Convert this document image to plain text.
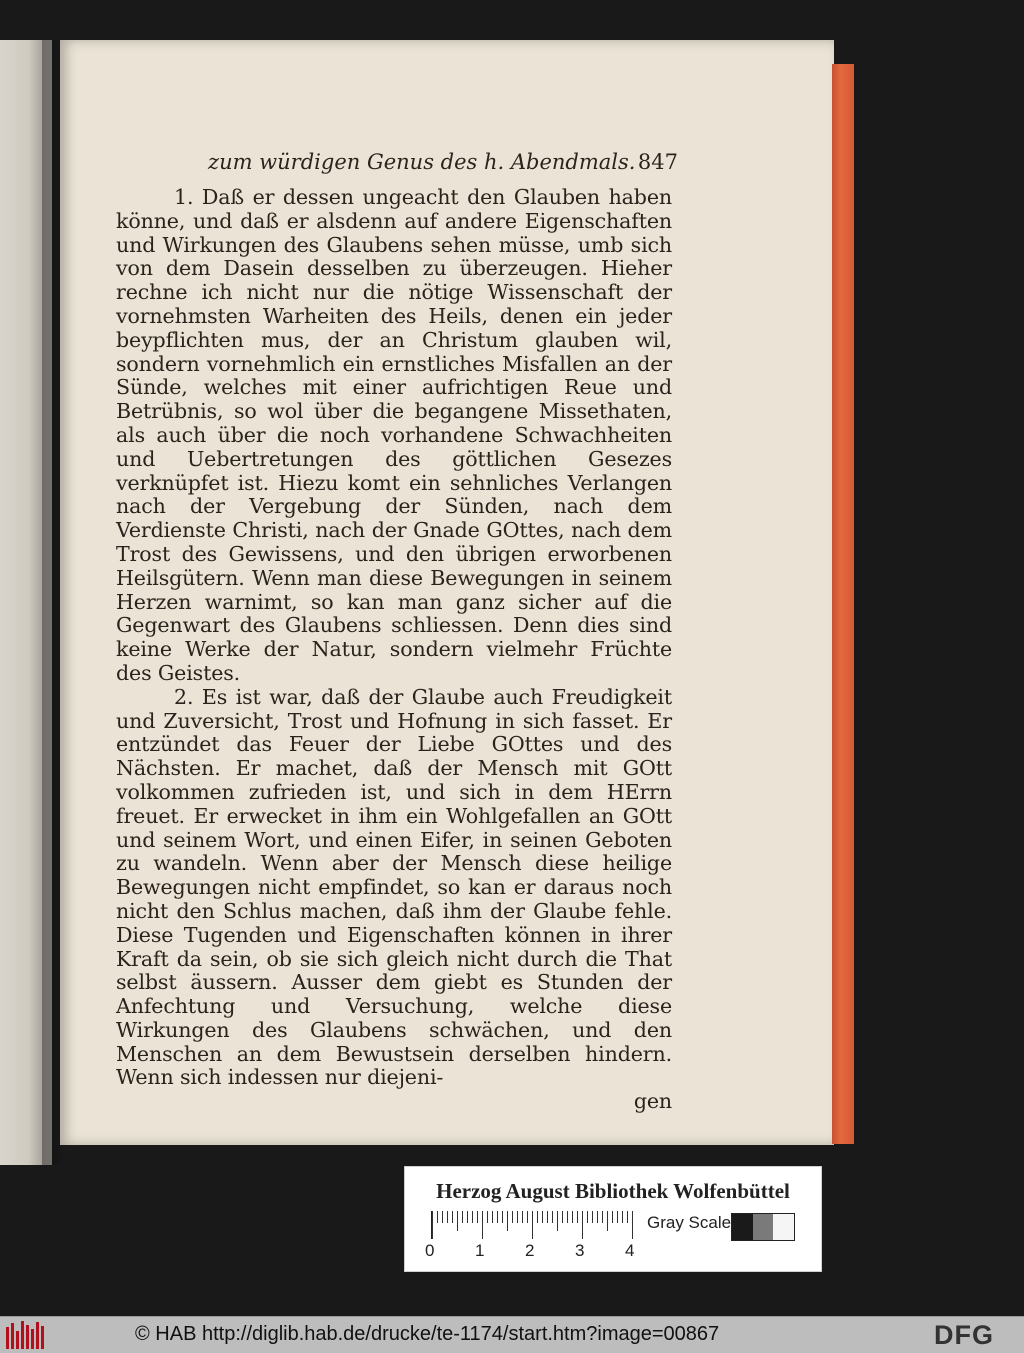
zum würdigen Genus des h. Abendmals. 847

1. Daß er dessen ungeacht den Glauben haben könne, und daß er alsdenn auf andere Eigenschaften und Wirkungen des Glaubens sehen müsse, umb sich von dem Dasein desselben zu überzeugen. Hieher rechne ich nicht nur die nötige Wissenschaft der vornehmsten Warheiten des Heils, denen ein jeder beypflichten mus, der an Christum glauben wil, sondern vornehmlich ein ernstliches Misfallen an der Sünde, welches mit einer aufrichtigen Reue und Betrübnis, so wol über die begangene Missethaten, als auch über die noch vorhandene Schwachheiten und Uebertretungen des göttlichen Gesezes verknüpfet ist. Hiezu komt ein sehnliches Verlangen nach der Vergebung der Sünden, nach dem Verdienste Christi, nach der Gnade GOttes, nach dem Trost des Gewissens, und den übrigen erworbenen Heilsgütern. Wenn man diese Bewegungen in seinem Herzen warnimt, so kan man ganz sicher auf die Gegenwart des Glaubens schliessen. Denn dies sind keine Werke der Natur, sondern vielmehr Früchte des Geistes.

2. Es ist war, daß der Glaube auch Freudigkeit und Zuversicht, Trost und Hofnung in sich fasset. Er entzündet das Feuer der Liebe GOttes und des Nächsten. Er machet, daß der Mensch mit GOtt volkommen zufrieden ist, und sich in dem HErrn freuet. Er erwecket in ihm ein Wohlgefallen an GOtt und seinem Wort, und einen Eifer, in seinen Geboten zu wandeln. Wenn aber der Mensch diese heilige Bewegungen nicht empfindet, so kan er daraus noch nicht den Schlus machen, daß ihm der Glaube fehle. Diese Tugenden und Eigenschaften können in ihrer Kraft da sein, ob sie sich gleich nicht durch die That selbst äussern. Ausser dem giebt es Stunden der Anfechtung und Versuchung, welche diese Wirkungen des Glaubens schwächen, und den Menschen an dem Bewustsein derselben hindern. Wenn sich indessen nur diejeni-

gen

Herzog August Bibliothek Wolfenbüttel
0 1 2 3 4
Gray Scale
© HAB http://diglib.hab.de/drucke/te-1174/start.htm?image=00867	DFG
